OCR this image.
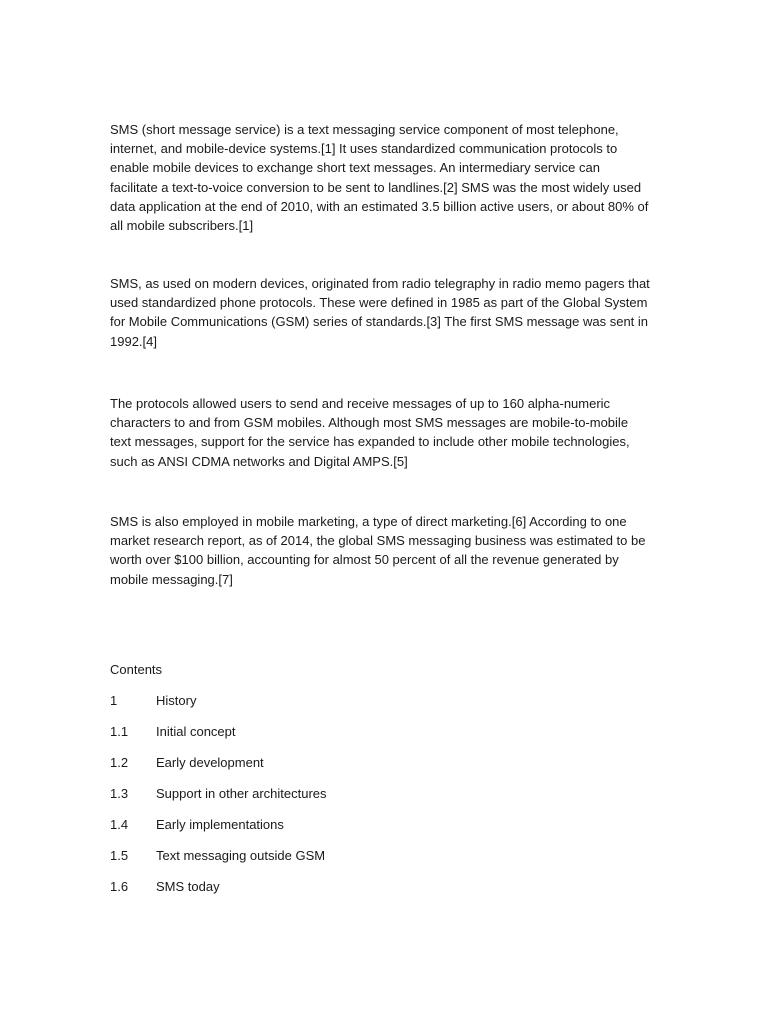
SMS (short message service) is a text messaging service component of most telephone, internet, and mobile-device systems.[1] It uses standardized communication protocols to enable mobile devices to exchange short text messages. An intermediary service can facilitate a text-to-voice conversion to be sent to landlines.[2] SMS was the most widely used data application at the end of 2010, with an estimated 3.5 billion active users, or about 80% of all mobile subscribers.[1]

SMS, as used on modern devices, originated from radio telegraphy in radio memo pagers that used standardized phone protocols. These were defined in 1985 as part of the Global System for Mobile Communications (GSM) series of standards.[3] The first SMS message was sent in 1992.[4]

The protocols allowed users to send and receive messages of up to 160 alpha-numeric characters to and from GSM mobiles. Although most SMS messages are mobile-to-mobile text messages, support for the service has expanded to include other mobile technologies, such as ANSI CDMA networks and Digital AMPS.[5]

SMS is also employed in mobile marketing, a type of direct marketing.[6] According to one market research report, as of 2014, the global SMS messaging business was estimated to be worth over $100 billion, accounting for almost 50 percent of all the revenue generated by mobile messaging.[7]

Contents
1	History
1.1	Initial concept
1.2	Early development
1.3	Support in other architectures
1.4	Early implementations
1.5	Text messaging outside GSM
1.6	SMS today
